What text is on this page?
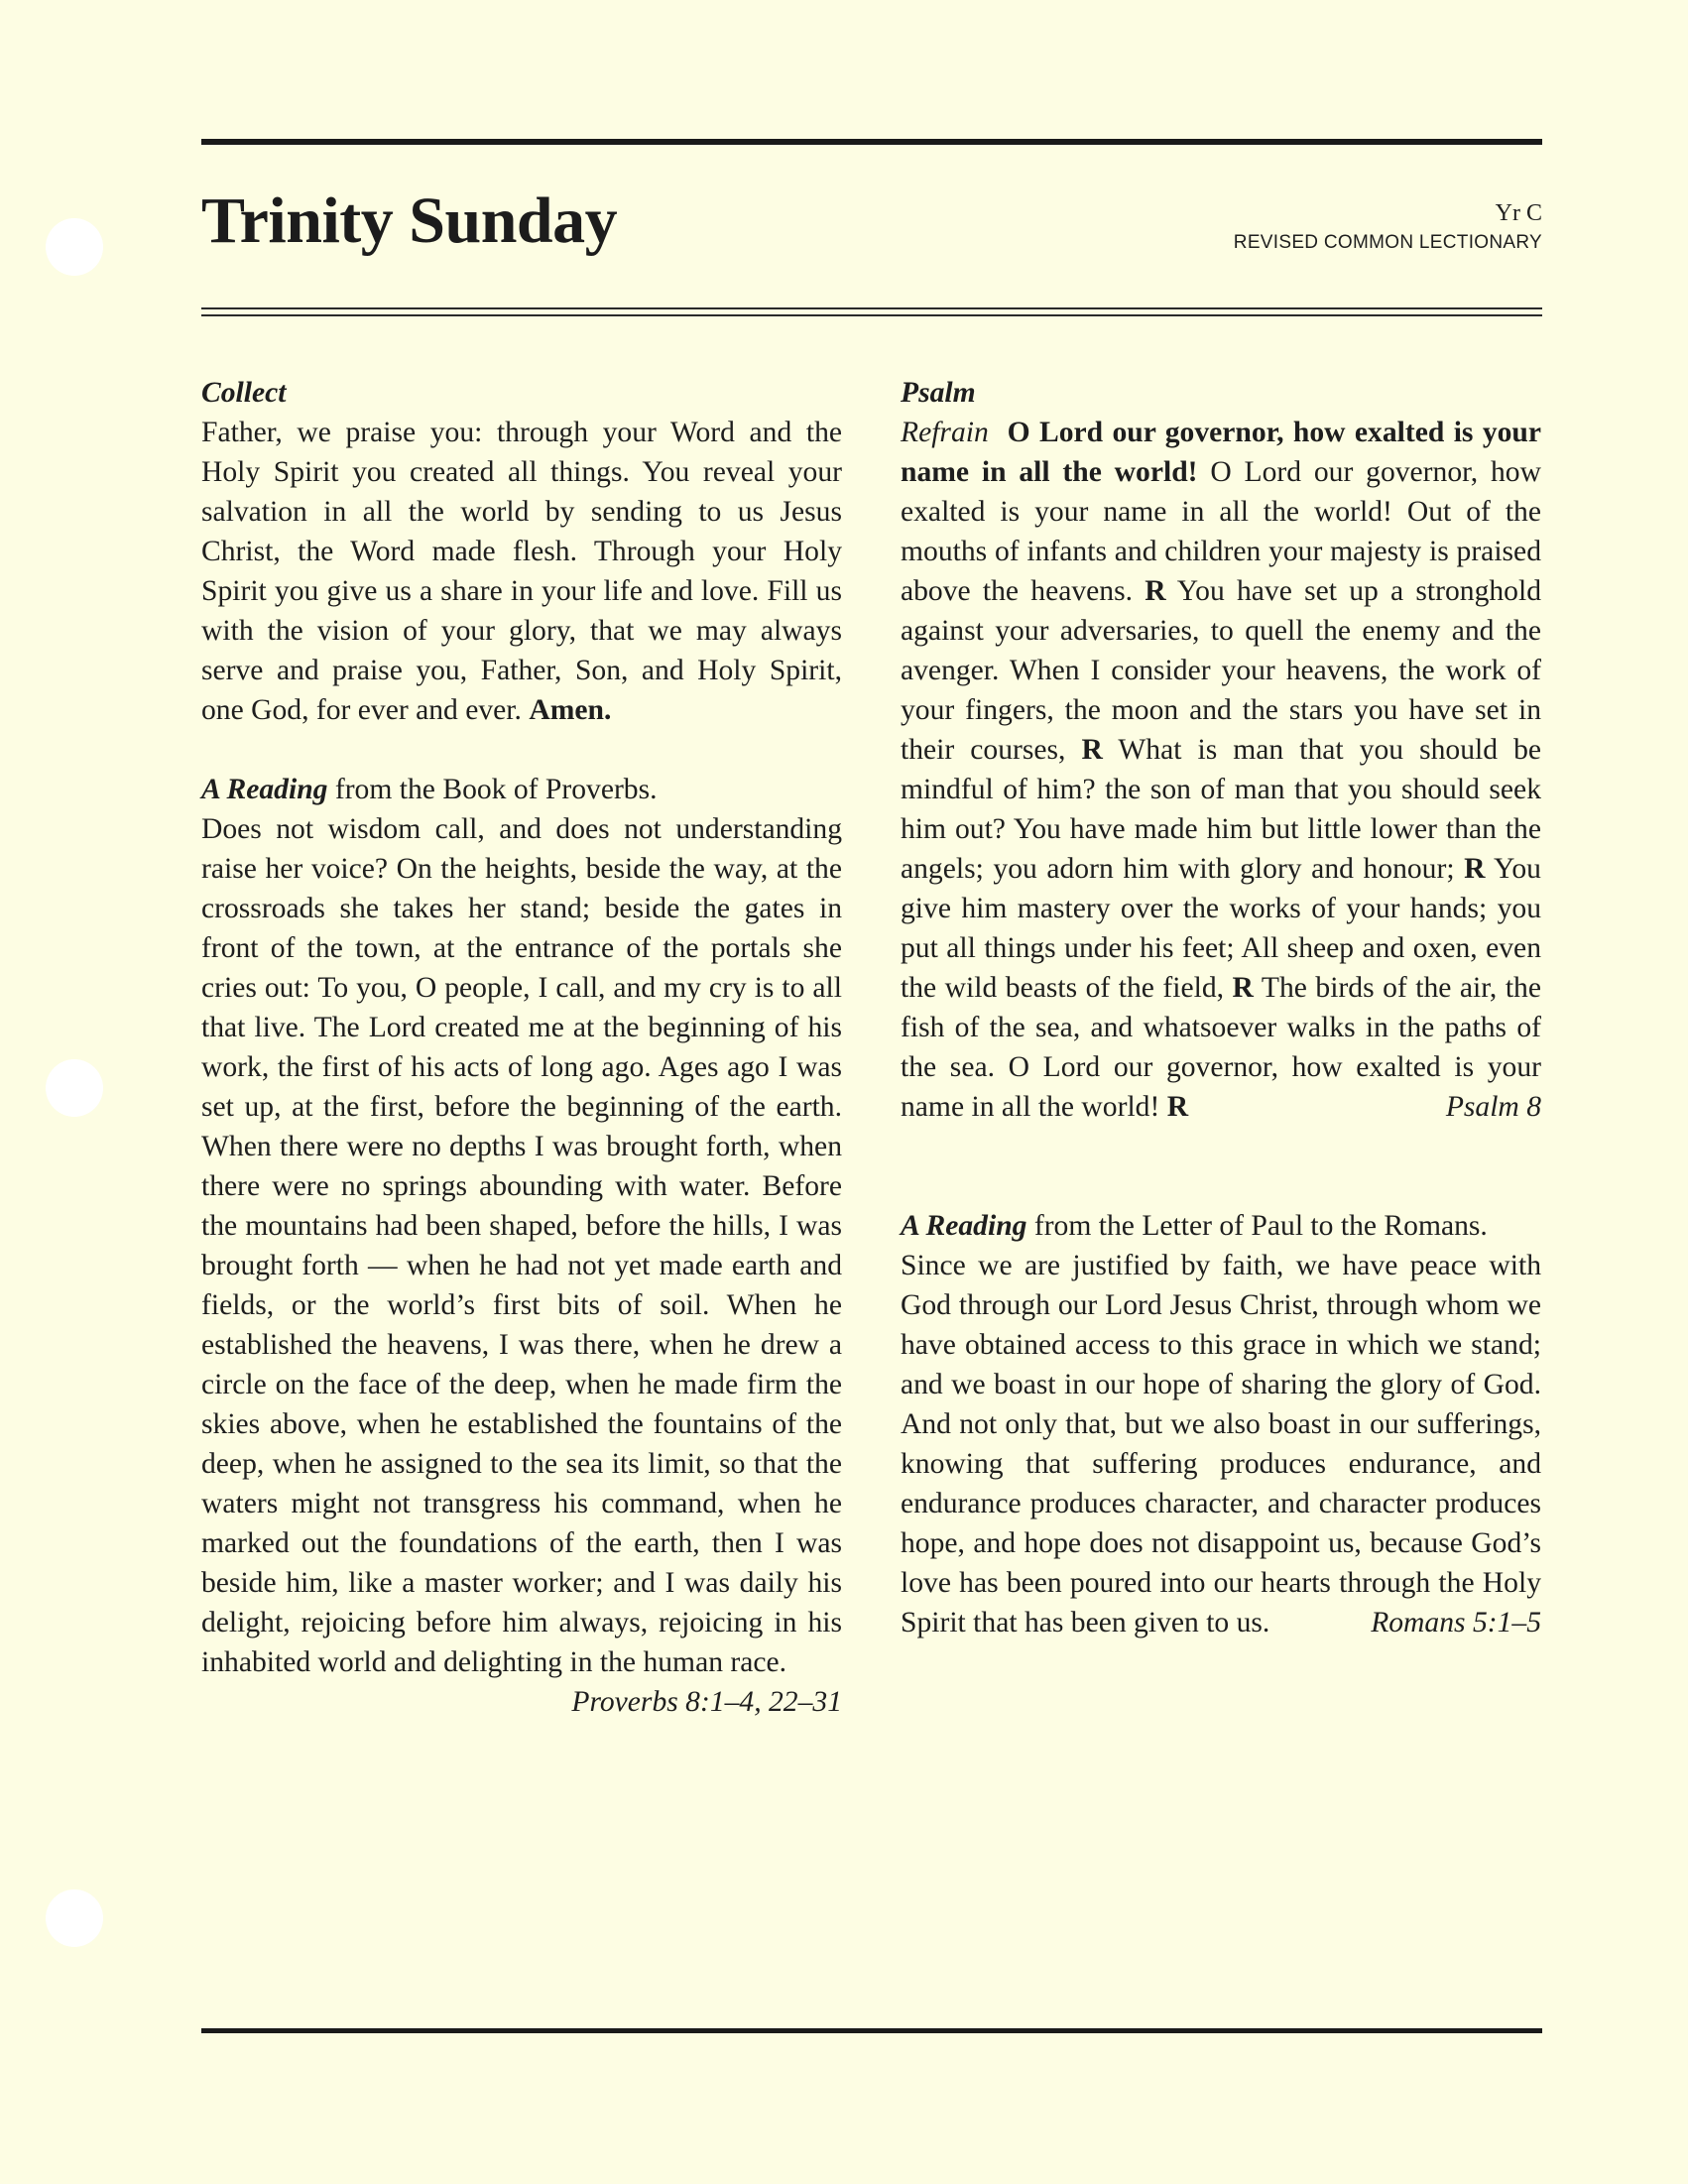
Trinity Sunday	Yr C
REVISED COMMON LECTIONARY

Collect

Father, we praise you: through your Word and the Holy Spirit you created all things. You reveal your salvation in all the world by sending to us Jesus Christ, the Word made flesh. Through your Holy Spirit you give us a share in your life and love. Fill us with the vision of your glory, that we may always serve and praise you, Father, Son, and Holy Spirit, one God, for ever and ever. Amen.

A Reading from the Book of Proverbs.

Does not wisdom call, and does not understanding raise her voice? On the heights, beside the way, at the crossroads she takes her stand; beside the gates in front of the town, at the entrance of the portals she cries out: To you, O people, I call, and my cry is to all that live. The Lord created me at the beginning of his work, the first of his acts of long ago. Ages ago I was set up, at the first, before the beginning of the earth. When there were no depths I was brought forth, when there were no springs abounding with water. Before the mountains had been shaped, before the hills, I was brought forth — when he had not yet made earth and fields, or the world’s first bits of soil. When he established the heavens, I was there, when he drew a circle on the face of the deep, when he made firm the skies above, when he established the fountains of the deep, when he assigned to the sea its limit, so that the waters might not transgress his command, when he marked out the foundations of the earth, then I was beside him, like a master worker; and I was daily his delight, rejoicing before him always, rejoicing in his inhabited world and delighting in the human race.
Proverbs 8:1–4, 22–31

Psalm

Refrain O Lord our governor, how exalted is your name in all the world! O Lord our governor, how exalted is your name in all the world! Out of the mouths of infants and children your majesty is praised above the heavens. R You have set up a stronghold against your adversaries, to quell the enemy and the avenger. When I consider your heavens, the work of your fingers, the moon and the stars you have set in their courses, R What is man that you should be mindful of him? the son of man that you should seek him out? You have made him but little lower than the angels; you adorn him with glory and honour; R You give him mastery over the works of your hands; you put all things under his feet; All sheep and oxen, even the wild beasts of the field, R The birds of the air, the fish of the sea, and whatsoever walks in the paths of the sea. O Lord our governor, how exalted is your name in all the world! R	Psalm 8

A Reading from the Letter of Paul to the Romans.

Since we are justified by faith, we have peace with God through our Lord Jesus Christ, through whom we have obtained access to this grace in which we stand; and we boast in our hope of sharing the glory of God. And not only that, but we also boast in our sufferings, knowing that suffering produces endurance, and endurance produces character, and character produces hope, and hope does not disappoint us, because God’s love has been poured into our hearts through the Holy Spirit that has been given to us.	Romans 5:1–5
